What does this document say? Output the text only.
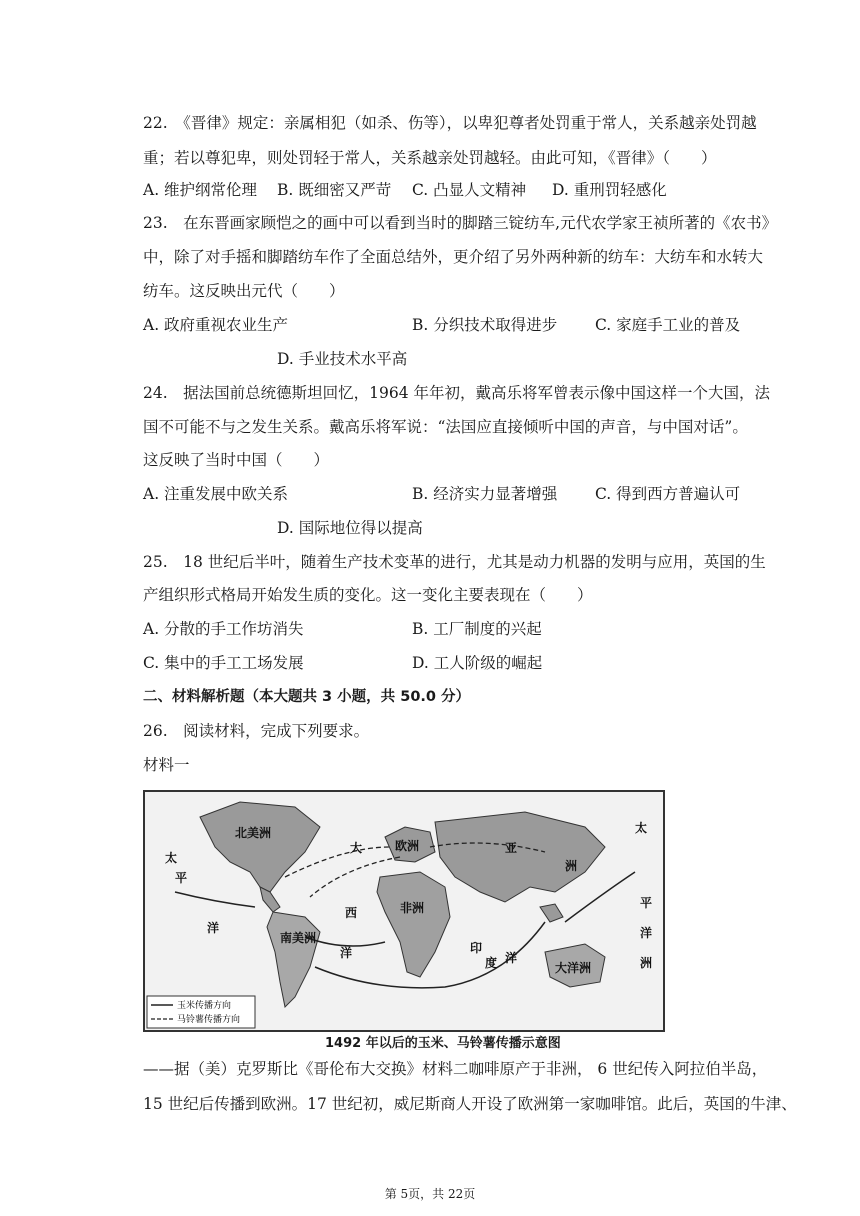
22.　《晋律》规定：亲属相犯（如杀、伤等），以卑犯尊者处罚重于常人，关系越亲处罚越
重；若以尊犯卑，则处罚轻于常人，关系越亲处罚越轻。由此可知，《晋律》（　　）
A. 维护纲常伦理 B. 既细密又严苛 C. 凸显人文精神 D. 重刑罚轻感化
23.　在东晋画家顾恺之的画中可以看到当时的脚踏三锭纺车,元代农学家王祯所著的《农书》
中，除了对手摇和脚踏纺车作了全面总结外，更介绍了另外两种新的纺车：大纺车和水转大
纺车。这反映出元代（　　）
A. 政府重视农业生产	B. 分织技术取得进步 C. 家庭手工业的普及
D. 手业技术水平高
24.　据法国前总统德斯坦回忆，1964 年年初，戴高乐将军曾表示像中国这样一个大国，法
国不可能不与之发生关系。戴高乐将军说：“法国应直接倾听中国的声音，与中国对话”。
这反映了当时中国（　　）
A. 注重发展中欧关系	B. 经济实力显著增强 C. 得到西方普遍认可
D. 国际地位得以提高
25.　18 世纪后半叶，随着生产技术变革的进行，尤其是动力机器的发明与应用，英国的生
产组织形式格局开始发生质的变化。这一变化主要表现在（　　）
A. 分散的手工作坊消失	B. 工厂制度的兴起
C. 集中的手工工场发展	D. 工人阶级的崛起
二、材料解析题（本大题共 3 小题，共 50.0 分）
26.　阅读材料，完成下列要求。
材料一
太
平
洋
北美洲
大	欧洲	亚
洲
西	非洲
南美洲
洋	印
度 洋
大洋洲
太
平
洋
洲
玉米传播方向
马铃薯传播方向
1492 年以后的玉米、马铃薯传播示意图
——据（美）克罗斯比《哥伦布大交换》材料二咖啡原产于非洲， 6 世纪传入阿拉伯半岛，
15 世纪后传播到欧洲。17 世纪初，威尼斯商人开设了欧洲第一家咖啡馆。此后，英国的牛津、
第 5页，共 22页
